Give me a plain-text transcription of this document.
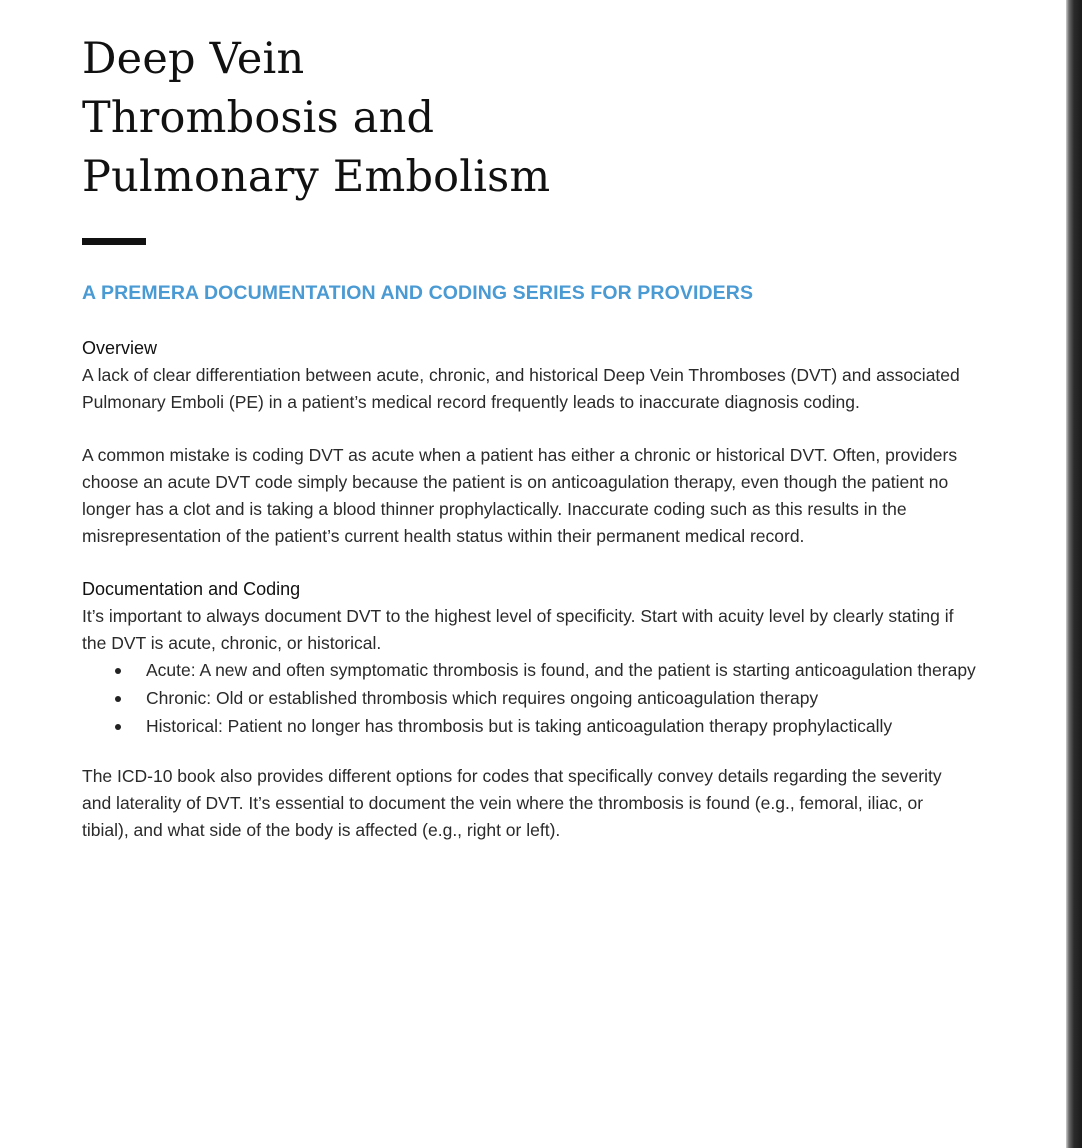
Deep Vein
Thrombosis and
Pulmonary Embolism
A PREMERA DOCUMENTATION AND CODING SERIES FOR PROVIDERS
Overview

A lack of clear differentiation between acute, chronic, and historical Deep Vein Thromboses (DVT) and associated Pulmonary Emboli (PE) in a patient’s medical record frequently leads to inaccurate diagnosis coding.

A common mistake is coding DVT as acute when a patient has either a chronic or historical DVT. Often, providers choose an acute DVT code simply because the patient is on anticoagulation therapy, even though the patient no longer has a clot and is taking a blood thinner prophylactically. Inaccurate coding such as this results in the misrepresentation of the patient’s current health status within their permanent medical record.

Documentation and Coding

It’s important to always document DVT to the highest level of specificity. Start with acuity level by clearly stating if the DVT is acute, chronic, or historical.

Acute: A new and often symptomatic thrombosis is found, and the patient is starting anticoagulation therapy
Chronic: Old or established thrombosis which requires ongoing anticoagulation therapy
Historical: Patient no longer has thrombosis but is taking anticoagulation therapy prophylactically

The ICD-10 book also provides different options for codes that specifically convey details regarding the severity and laterality of DVT. It’s essential to document the vein where the thrombosis is found (e.g., femoral, iliac, or tibial), and what side of the body is affected (e.g., right or left).
